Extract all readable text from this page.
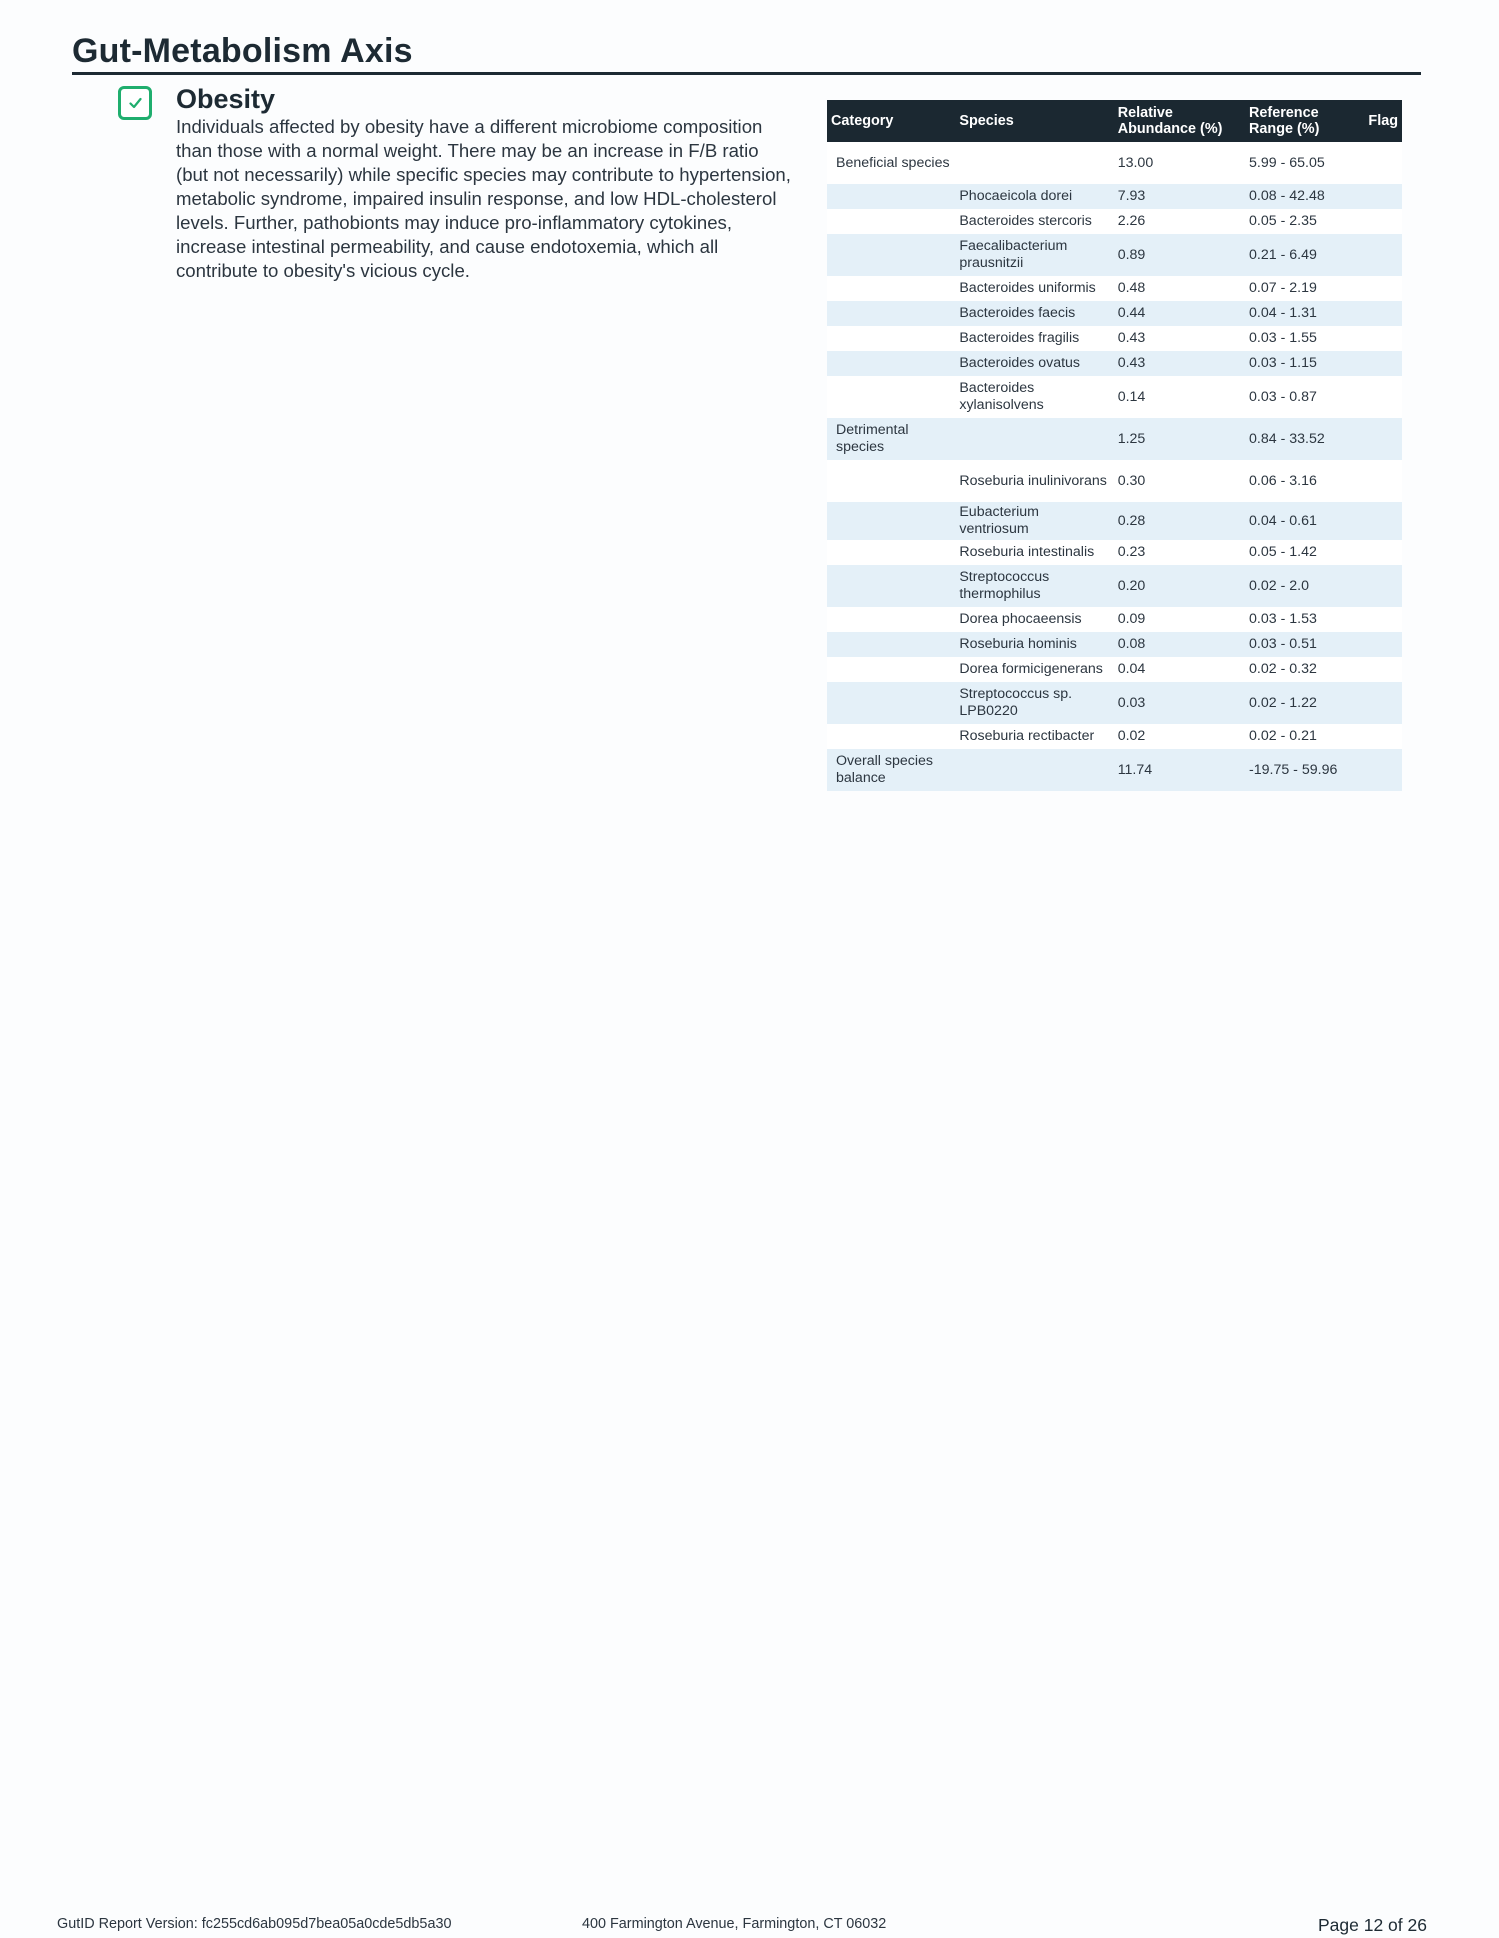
Gut-Metabolism Axis
Obesity
Individuals affected by obesity have a different microbiome composition than those with a normal weight. There may be an increase in F/B ratio (but not necessarily) while specific species may contribute to hypertension, metabolic syndrome, impaired insulin response, and low HDL-cholesterol levels. Further, pathobionts may induce pro-inflammatory cytokines, increase intestinal permeability, and cause endotoxemia, which all contribute to obesity's vicious cycle.
Category	Species	Relative Abundance (%)	Reference Range (%)	Flag
Beneficial species		13.00	5.99 - 65.05	
	Phocaeicola dorei	7.93	0.08 - 42.48	
	Bacteroides stercoris	2.26	0.05 - 2.35	
	Faecalibacterium prausnitzii	0.89	0.21 - 6.49	
	Bacteroides uniformis	0.48	0.07 - 2.19	
	Bacteroides faecis	0.44	0.04 - 1.31	
	Bacteroides fragilis	0.43	0.03 - 1.55	
	Bacteroides ovatus	0.43	0.03 - 1.15	
	Bacteroides xylanisolvens	0.14	0.03 - 0.87	
Detrimental species		1.25	0.84 - 33.52	
	Roseburia inulinivorans	0.30	0.06 - 3.16	
	Eubacterium ventriosum	0.28	0.04 - 0.61	
	Roseburia intestinalis	0.23	0.05 - 1.42	
	Streptococcus thermophilus	0.20	0.02 - 2.0	
	Dorea phocaeensis	0.09	0.03 - 1.53	
	Roseburia hominis	0.08	0.03 - 0.51	
	Dorea formicigenerans	0.04	0.02 - 0.32	
	Streptococcus sp. LPB0220	0.03	0.02 - 1.22	
	Roseburia rectibacter	0.02	0.02 - 0.21	
Overall species balance		11.74	-19.75 - 59.96	
GutID Report Version: fc255cd6ab095d7bea05a0cde5db5a30	400 Farmington Avenue, Farmington, CT 06032	Page 12 of 26
